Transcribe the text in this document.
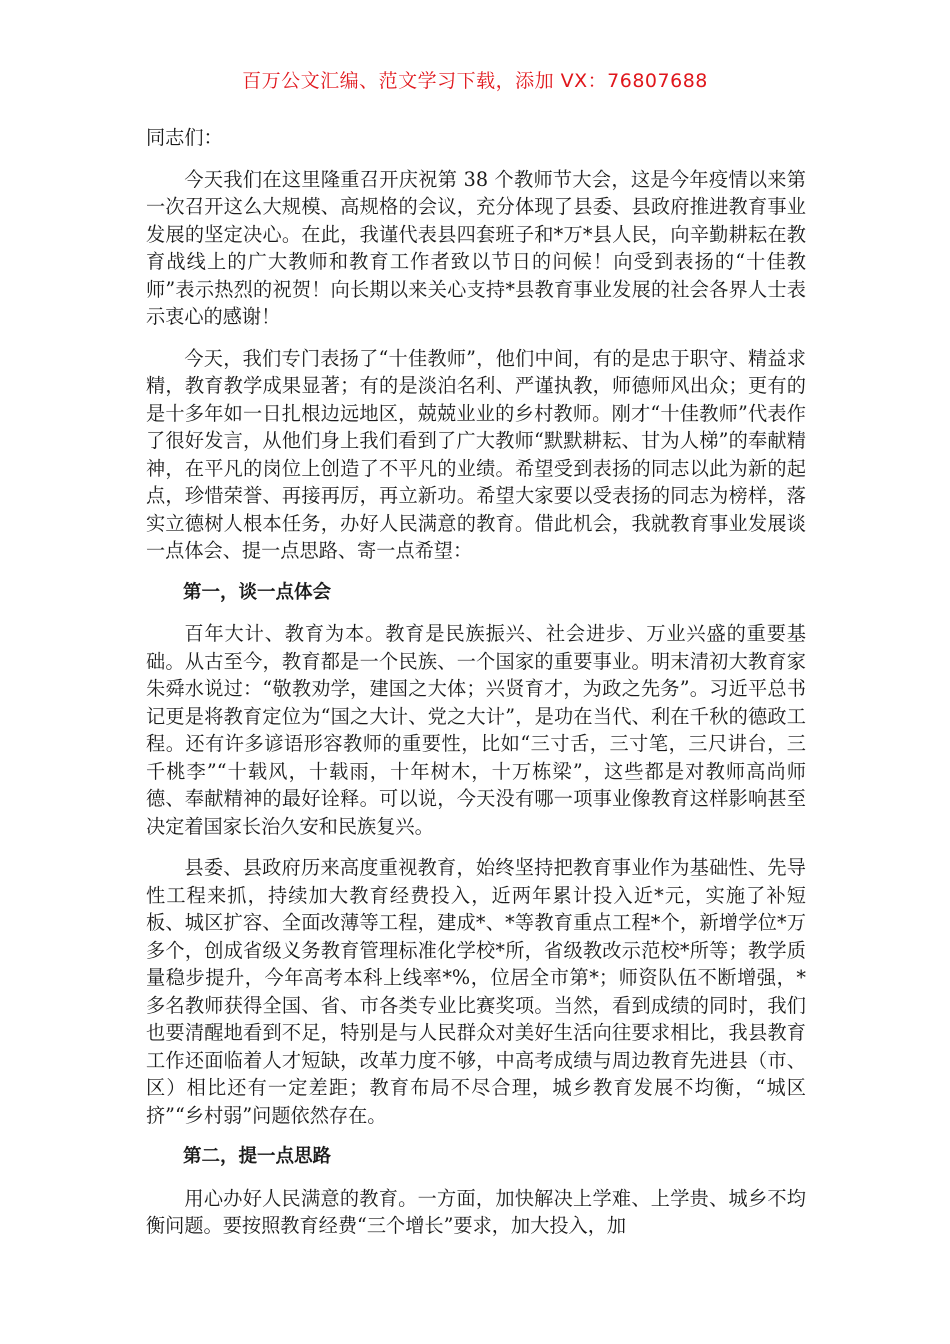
百万公文汇编、范文学习下载，添加 VX：76807688

同志们：

今天我们在这里隆重召开庆祝第 38 个教师节大会，这是今年疫情以来第一次召开这么大规模、高规格的会议，充分体现了县委、县政府推进教育事业发展的坚定决心。在此，我谨代表县四套班子和*万*县人民，向辛勤耕耘在教育战线上的广大教师和教育工作者致以节日的问候！向受到表扬的“十佳教师”表示热烈的祝贺！向长期以来关心支持*县教育事业发展的社会各界人士表示衷心的感谢！

今天，我们专门表扬了“十佳教师”，他们中间，有的是忠于职守、精益求精，教育教学成果显著；有的是淡泊名利、严谨执教，师德师风出众；更有的是十多年如一日扎根边远地区，兢兢业业的乡村教师。刚才“十佳教师”代表作了很好发言，从他们身上我们看到了广大教师“默默耕耘、甘为人梯”的奉献精神，在平凡的岗位上创造了不平凡的业绩。希望受到表扬的同志以此为新的起点，珍惜荣誉、再接再厉，再立新功。希望大家要以受表扬的同志为榜样，落实立德树人根本任务，办好人民满意的教育。借此机会，我就教育事业发展谈一点体会、提一点思路、寄一点希望：

第一，谈一点体会

百年大计、教育为本。教育是民族振兴、社会进步、万业兴盛的重要基础。从古至今，教育都是一个民族、一个国家的重要事业。明末清初大教育家朱舜水说过：“敬教劝学，建国之大体；兴贤育才，为政之先务”。习近平总书记更是将教育定位为“国之大计、党之大计”，是功在当代、利在千秋的德政工程。还有许多谚语形容教师的重要性，比如“三寸舌，三寸笔，三尺讲台，三千桃李”“十载风，十载雨，十年树木，十万栋梁”，这些都是对教师高尚师德、奉献精神的最好诠释。可以说，今天没有哪一项事业像教育这样影响甚至决定着国家长治久安和民族复兴。

县委、县政府历来高度重视教育，始终坚持把教育事业作为基础性、先导性工程来抓，持续加大教育经费投入，近两年累计投入近*元，实施了补短板、城区扩容、全面改薄等工程，建成*、*等教育重点工程*个，新增学位*万多个，创成省级义务教育管理标准化学校*所，省级教改示范校*所等；教学质量稳步提升，今年高考本科上线率*%，位居全市第*；师资队伍不断增强，*多名教师获得全国、省、市各类专业比赛奖项。当然，看到成绩的同时，我们也要清醒地看到不足，特别是与人民群众对美好生活向往要求相比，我县教育工作还面临着人才短缺，改革力度不够，中高考成绩与周边教育先进县（市、区）相比还有一定差距；教育布局不尽合理，城乡教育发展不均衡，“城区挤”“乡村弱”问题依然存在。

第二，提一点思路

用心办好人民满意的教育。一方面，加快解决上学难、上学贵、城乡不均衡问题。要按照教育经费“三个增长”要求，加大投入，加
